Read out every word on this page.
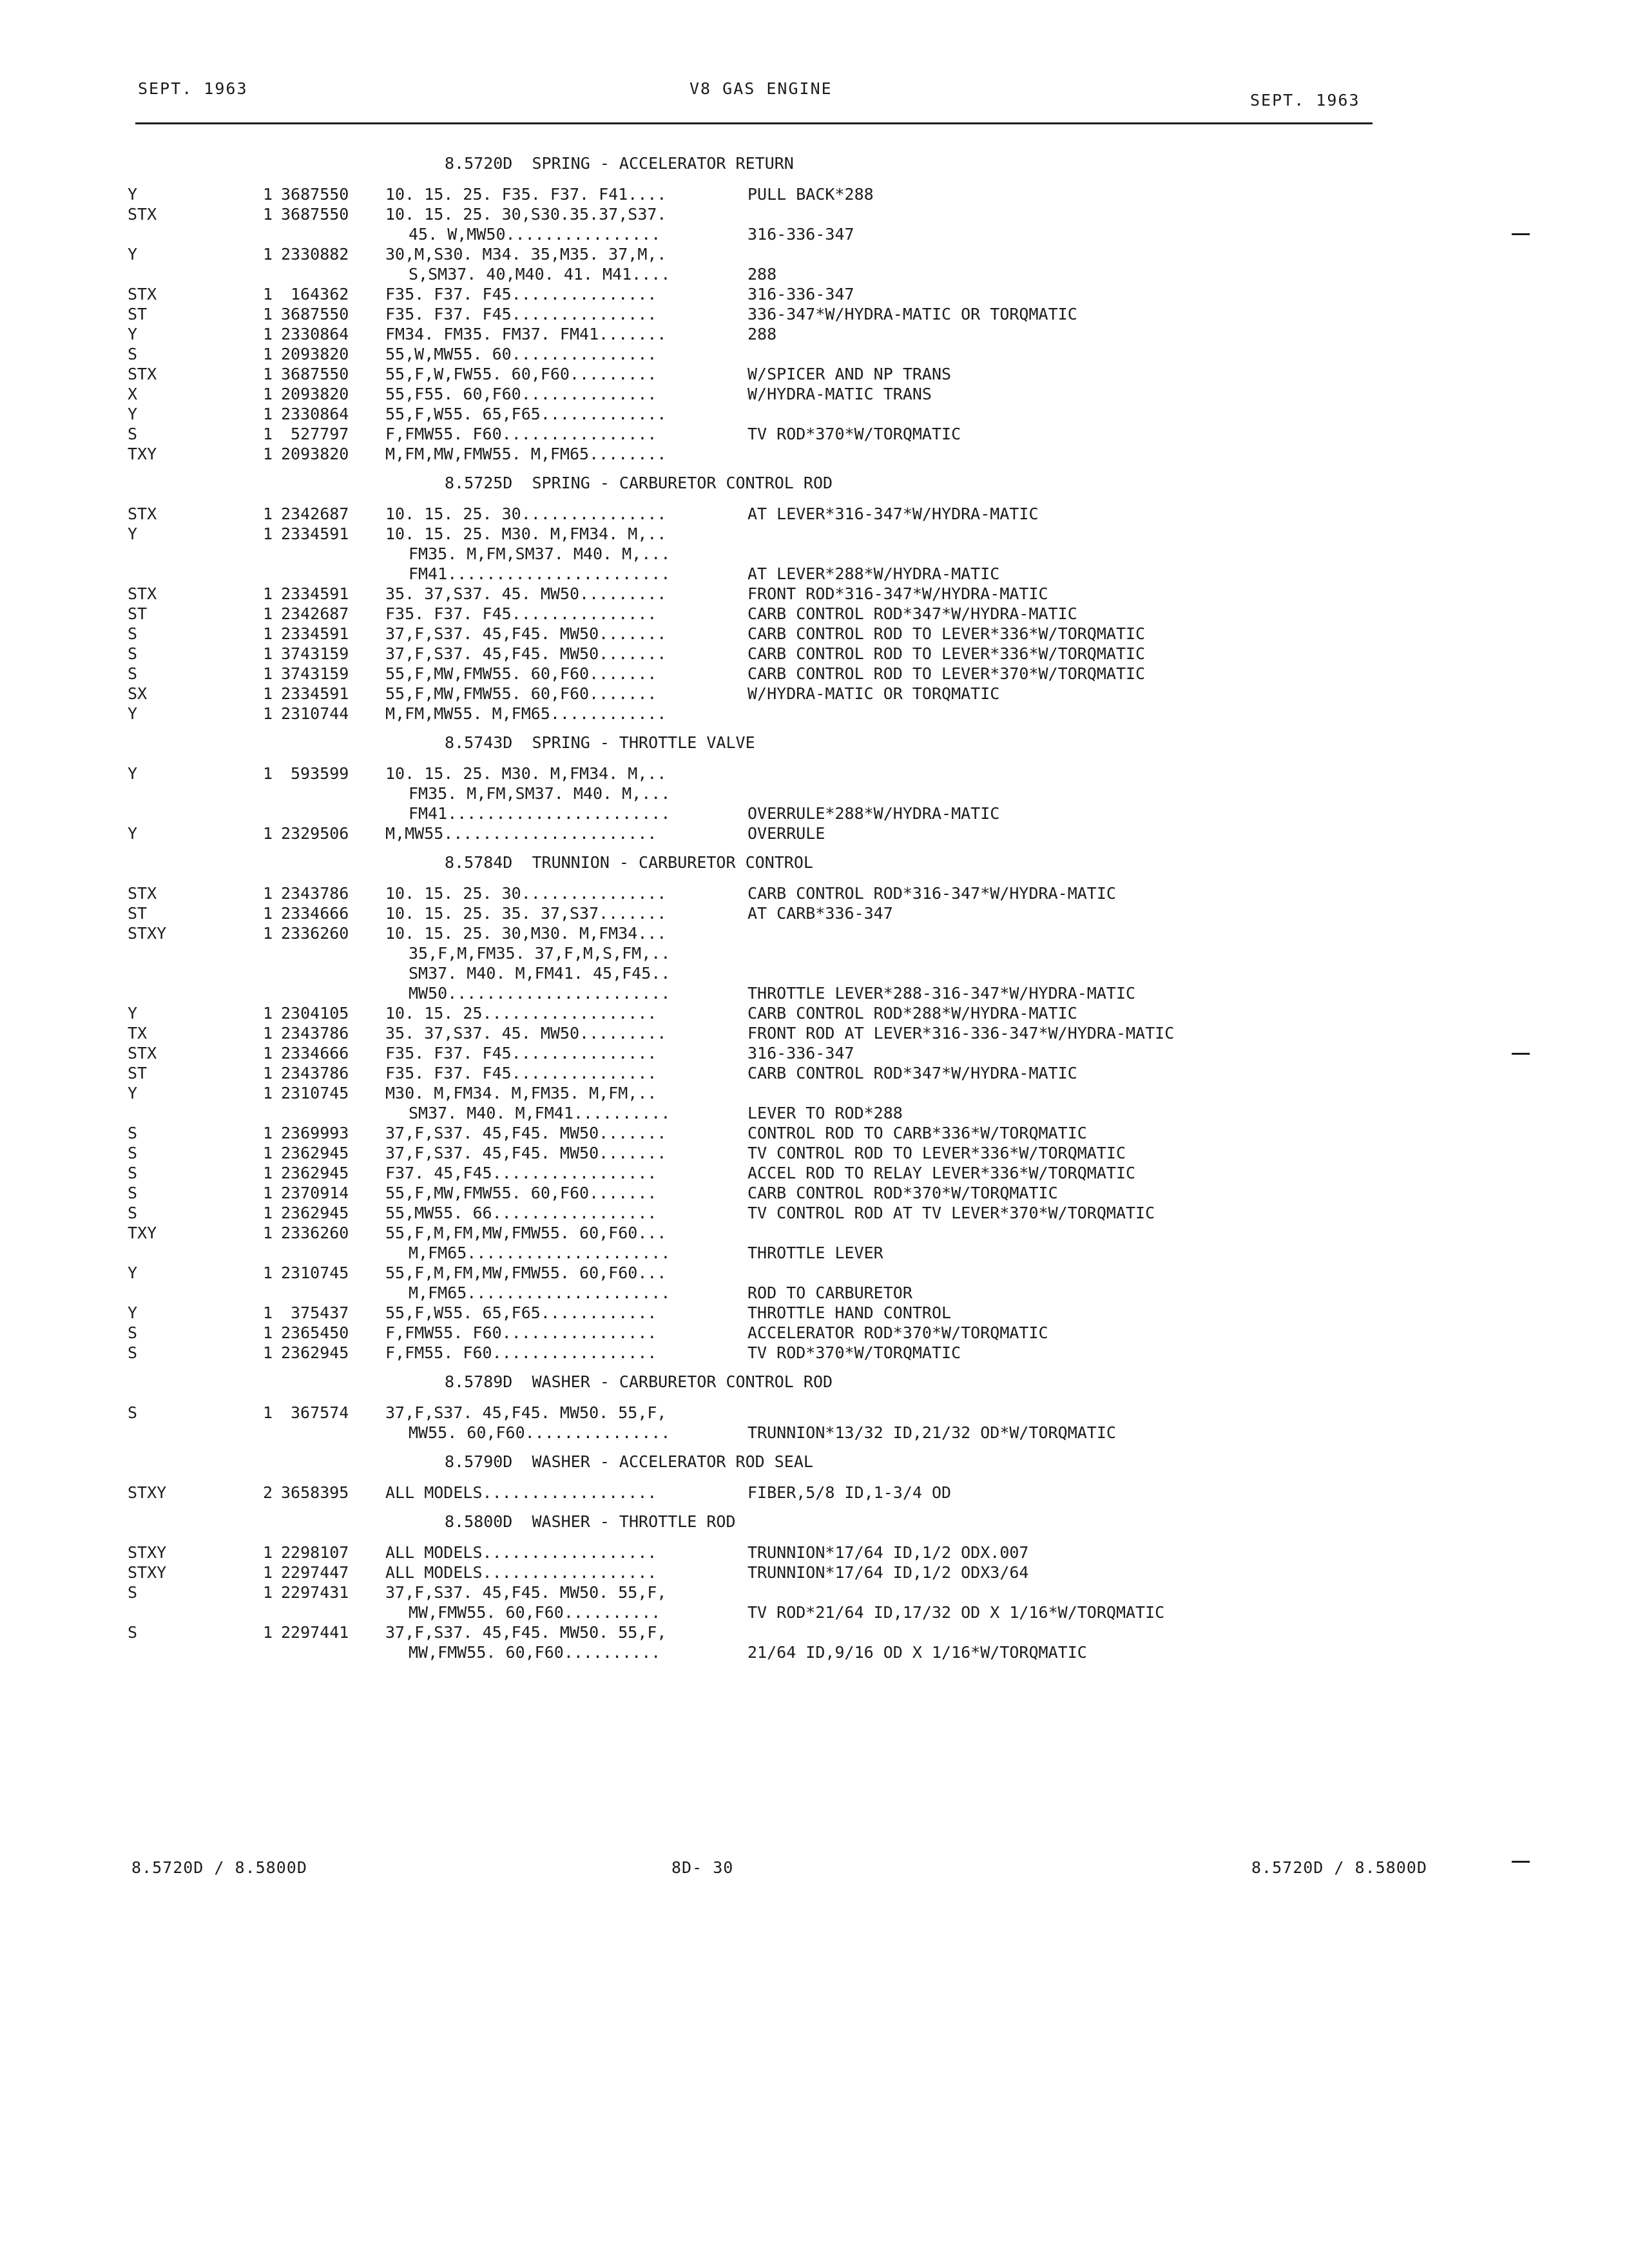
SEPT. 1963	V8 GAS ENGINE
SEPT. 1963
8.5720D  SPRING - ACCELERATOR RETURN
Y	1 3687550 10. 15. 25. F35. F37. F41....	PULL BACK*288
STX	1 3687550 10. 15. 25. 30,S30.35.37,S37.
45. W,MW50................	316-336-347
Y	1 2330882 30,M,S30. M34. 35,M35. 37,M,.
S,SM37. 40,M40. 41. M41....	288
STX	1 164362 F35. F37. F45...............	316-336-347
ST	1 3687550 F35. F37. F45...............	336-347*W/HYDRA-MATIC OR TORQMATIC
Y	1 2330864 FM34. FM35. FM37. FM41.......	288
S	1 2093820 55,W,MW55. 60...............
STX	1 3687550 55,F,W,FW55. 60,F60.........	W/SPICER AND NP TRANS
X	1 2093820 55,F55. 60,F60..............	W/HYDRA-MATIC TRANS
Y	1 2330864 55,F,W55. 65,F65.............
S	1 527797 F,FMW55. F60................	TV ROD*370*W/TORQMATIC
TXY	1 2093820 M,FM,MW,FMW55. M,FM65........
8.5725D  SPRING - CARBURETOR CONTROL ROD
STX	1 2342687 10. 15. 25. 30...............	AT LEVER*316-347*W/HYDRA-MATIC
Y	1 2334591 10. 15. 25. M30. M,FM34. M,..
FM35. M,FM,SM37. M40. M,...
FM41.......................	AT LEVER*288*W/HYDRA-MATIC
STX	1 2334591 35. 37,S37. 45. MW50.........	FRONT ROD*316-347*W/HYDRA-MATIC
ST	1 2342687 F35. F37. F45...............	CARB CONTROL ROD*347*W/HYDRA-MATIC
S	1 2334591 37,F,S37. 45,F45. MW50.......	CARB CONTROL ROD TO LEVER*336*W/TORQMATIC
S	1 3743159 37,F,S37. 45,F45. MW50.......	CARB CONTROL ROD TO LEVER*336*W/TORQMATIC
S	1 3743159 55,F,MW,FMW55. 60,F60.......	CARB CONTROL ROD TO LEVER*370*W/TORQMATIC
SX	1 2334591 55,F,MW,FMW55. 60,F60.......	W/HYDRA-MATIC OR TORQMATIC
Y	1 2310744 M,FM,MW55. M,FM65............
8.5743D  SPRING - THROTTLE VALVE
Y	1 593599 10. 15. 25. M30. M,FM34. M,..
FM35. M,FM,SM37. M40. M,...
FM41.......................	OVERRULE*288*W/HYDRA-MATIC
Y	1 2329506 M,MW55......................	OVERRULE
8.5784D  TRUNNION - CARBURETOR CONTROL
STX	1 2343786 10. 15. 25. 30...............	CARB CONTROL ROD*316-347*W/HYDRA-MATIC
ST	1 2334666 10. 15. 25. 35. 37,S37.......	AT CARB*336-347
STXY	1 2336260 10. 15. 25. 30,M30. M,FM34...
35,F,M,FM35. 37,F,M,S,FM,..
SM37. M40. M,FM41. 45,F45..
MW50.......................	THROTTLE LEVER*288-316-347*W/HYDRA-MATIC
Y	1 2304105 10. 15. 25..................	CARB CONTROL ROD*288*W/HYDRA-MATIC
TX	1 2343786 35. 37,S37. 45. MW50.........	FRONT ROD AT LEVER*316-336-347*W/HYDRA-MATIC
STX	1 2334666 F35. F37. F45...............	316-336-347
ST	1 2343786 F35. F37. F45...............	CARB CONTROL ROD*347*W/HYDRA-MATIC
Y	1 2310745 M30. M,FM34. M,FM35. M,FM,..
SM37. M40. M,FM41..........	LEVER TO ROD*288
S	1 2369993 37,F,S37. 45,F45. MW50.......	CONTROL ROD TO CARB*336*W/TORQMATIC
S	1 2362945 37,F,S37. 45,F45. MW50.......	TV CONTROL ROD TO LEVER*336*W/TORQMATIC
S	1 2362945 F37. 45,F45.................	ACCEL ROD TO RELAY LEVER*336*W/TORQMATIC
S	1 2370914 55,F,MW,FMW55. 60,F60.......	CARB CONTROL ROD*370*W/TORQMATIC
S	1 2362945 55,MW55. 66.................	TV CONTROL ROD AT TV LEVER*370*W/TORQMATIC
TXY	1 2336260 55,F,M,FM,MW,FMW55. 60,F60...
M,FM65.....................	THROTTLE LEVER
Y	1 2310745 55,F,M,FM,MW,FMW55. 60,F60...
M,FM65.....................	ROD TO CARBURETOR
Y	1 375437 55,F,W55. 65,F65............	THROTTLE HAND CONTROL
S	1 2365450 F,FMW55. F60................	ACCELERATOR ROD*370*W/TORQMATIC
S	1 2362945 F,FM55. F60.................	TV ROD*370*W/TORQMATIC
8.5789D  WASHER - CARBURETOR CONTROL ROD
S	1 367574 37,F,S37. 45,F45. MW50. 55,F,
MW55. 60,F60...............	TRUNNION*13/32 ID,21/32 OD*W/TORQMATIC
8.5790D  WASHER - ACCELERATOR ROD SEAL
STXY	2 3658395 ALL MODELS..................	FIBER,5/8 ID,1-3/4 OD
8.5800D  WASHER - THROTTLE ROD
STXY	1 2298107 ALL MODELS..................	TRUNNION*17/64 ID,1/2 ODX.007
STXY	1 2297447 ALL MODELS..................	TRUNNION*17/64 ID,1/2 ODX3/64
S	1 2297431 37,F,S37. 45,F45. MW50. 55,F,
MW,FMW55. 60,F60..........	TV ROD*21/64 ID,17/32 OD X 1/16*W/TORQMATIC
S	1 2297441 37,F,S37. 45,F45. MW50. 55,F,
MW,FMW55. 60,F60..........	21/64 ID,9/16 OD X 1/16*W/TORQMATIC
8.5720D / 8.5800D	8D- 30	8.5720D / 8.5800D
